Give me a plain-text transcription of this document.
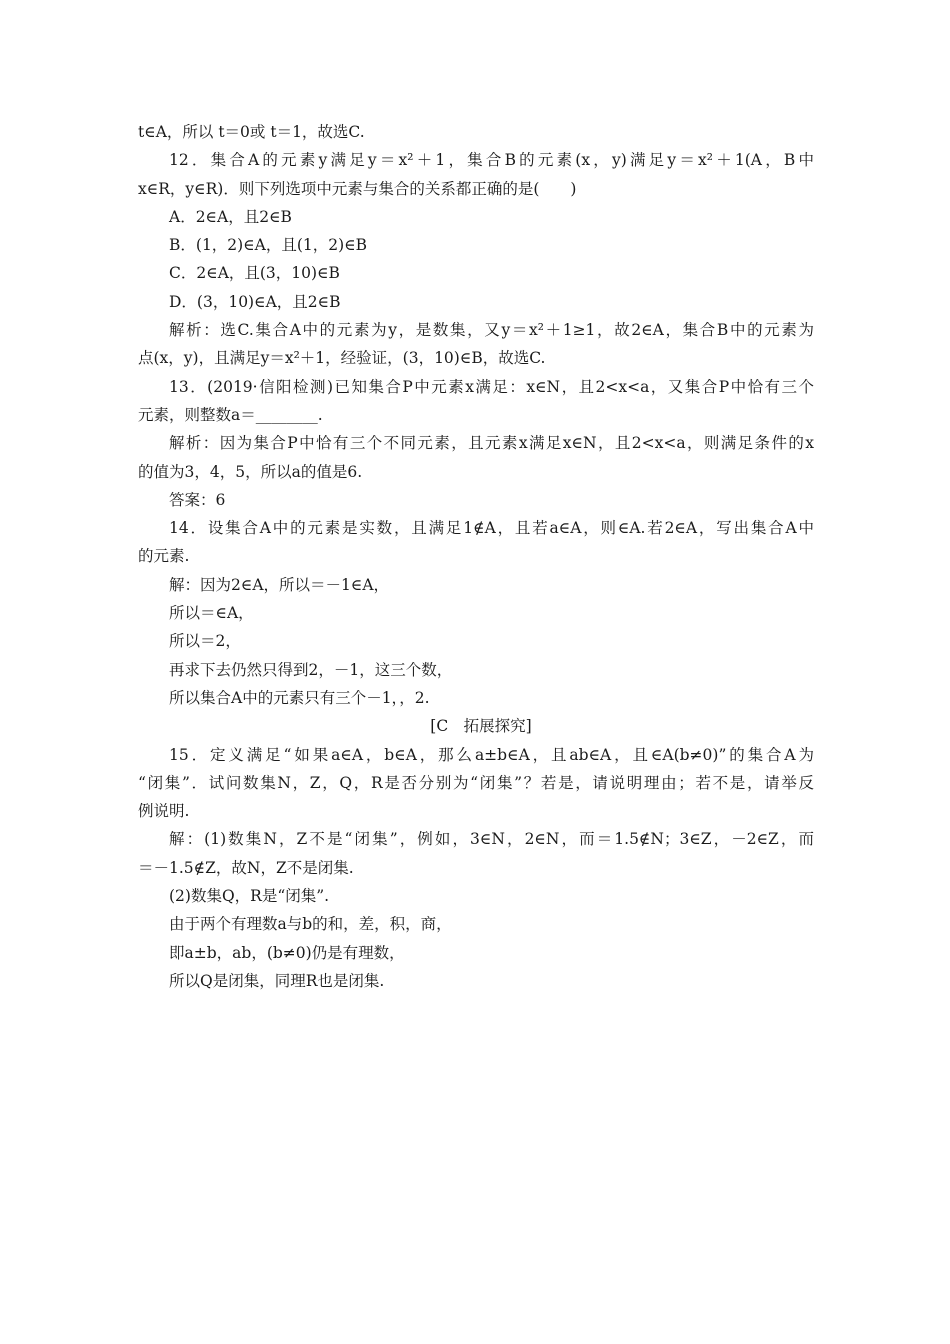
t∈A，所以 t＝0或 t＝1，故选C.
12．集合A的元素y满足y＝x²＋1，集合B的元素(x，y)满足y＝x²＋1(A，B中
x∈R，y∈R)．则下列选项中元素与集合的关系都正确的是(　　)
A．2∈A，且2∈B
B．(1，2)∈A，且(1，2)∈B
C．2∈A，且(3，10)∈B
D．(3，10)∈A，且2∈B
解析：选C.集合A中的元素为y，是数集，又y＝x²＋1≥1，故2∈A，集合B中的元素为
点(x，y)，且满足y＝x²＋1，经验证，(3，10)∈B，故选C.
13．(2019·信阳检测)已知集合P中元素x满足：x∈N，且2<x<a，又集合P中恰有三个
元素，则整数a＝________.
解析：因为集合P中恰有三个不同元素，且元素x满足x∈N，且2<x<a，则满足条件的x
的值为3，4，5，所以a的值是6.
答案：6
14．设集合A中的元素是实数，且满足1∉A，且若a∈A，则∈A.若2∈A，写出集合A中
的元素.
解：因为2∈A，所以＝－1∈A，
所以＝∈A，
所以＝2，
再求下去仍然只得到2，－1，这三个数，
所以集合A中的元素只有三个－1，，2.
[C　拓展探究]
15．定义满足“如果a∈A，b∈A，那么a±b∈A，且ab∈A，且∈A(b≠0)”的集合A为
“闭集”．试问数集N，Z，Q，R是否分别为“闭集”？若是，请说明理由；若不是，请举反
例说明.
解：(1)数集N，Z不是“闭集”，例如，3∈N，2∈N，而＝1.5∉N；3∈Z，－2∈Z，而
＝－1.5∉Z，故N，Z不是闭集.
(2)数集Q，R是“闭集”.
由于两个有理数a与b的和，差，积，商，
即a±b，ab，(b≠0)仍是有理数，
所以Q是闭集，同理R也是闭集.
